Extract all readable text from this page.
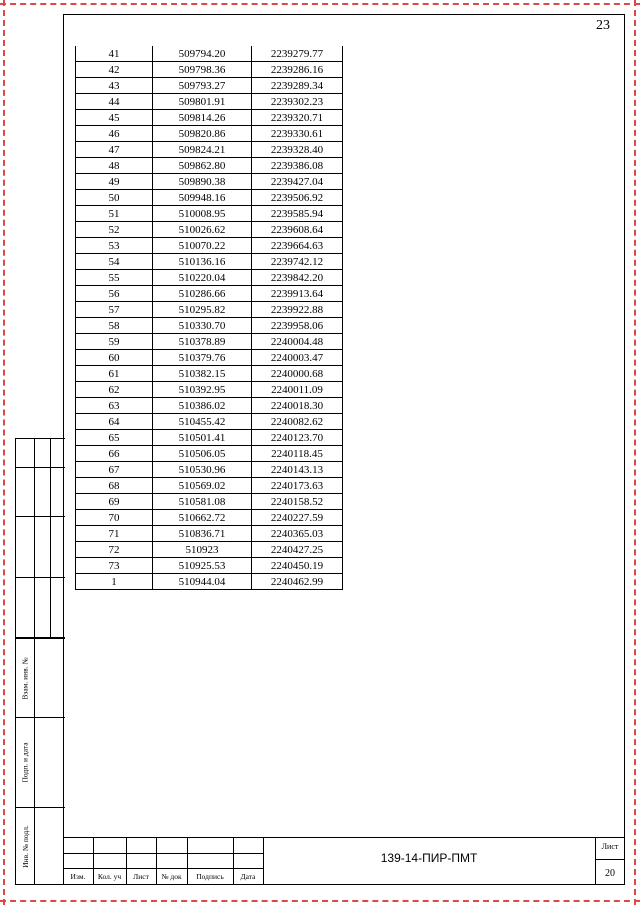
23
41	509794.20	2239279.77
42	509798.36	2239286.16
43	509793.27	2239289.34
44	509801.91	2239302.23
45	509814.26	2239320.71
46	509820.86	2239330.61
47	509824.21	2239328.40
48	509862.80	2239386.08
49	509890.38	2239427.04
50	509948.16	2239506.92
51	510008.95	2239585.94
52	510026.62	2239608.64
53	510070.22	2239664.63
54	510136.16	2239742.12
55	510220.04	2239842.20
56	510286.66	2239913.64
57	510295.82	2239922.88
58	510330.70	2239958.06
59	510378.89	2240004.48
60	510379.76	2240003.47
61	510382.15	2240000.68
62	510392.95	2240011.09
63	510386.02	2240018.30
64	510455.42	2240082.62
65	510501.41	2240123.70
66	510506.05	2240118.45
67	510530.96	2240143.13
68	510569.02	2240173.63
69	510581.08	2240158.52
70	510662.72	2240227.59
71	510836.71	2240365.03
72	510923	2240427.25
73	510925.53	2240450.19
1	510944.04	2240462.99
Взам. инв. №
Подп. и дата
Инв. № подл.
Изм.	Кол. уч	Лист	№ док	Подпись	Дата
139-14-ПИР-ПМТ
Лист
20
